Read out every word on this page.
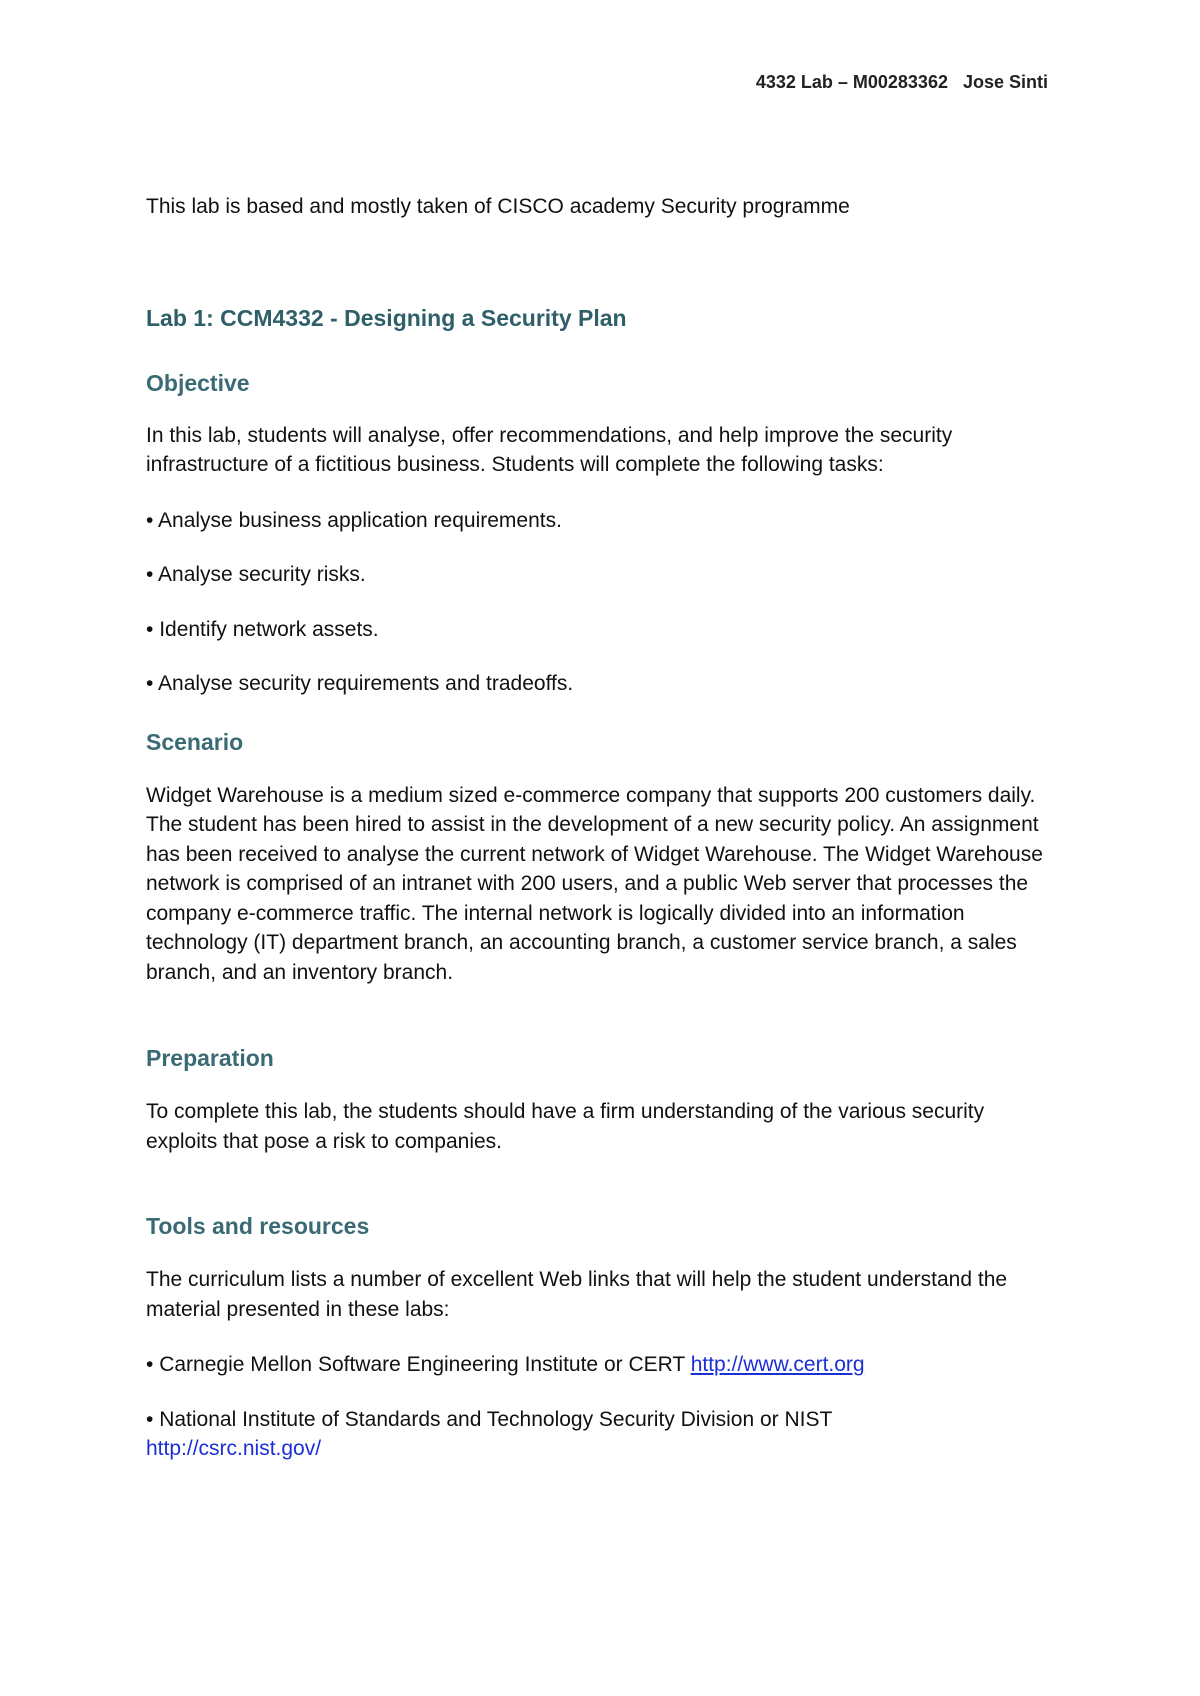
4332 Lab – M00283362   Jose Sinti

This lab is based and mostly taken of CISCO academy Security programme

Lab 1: CCM4332 - Designing a Security Plan
Objective

In this lab, students will analyse, offer recommendations, and help improve the security infrastructure of a fictitious business. Students will complete the following tasks:

• Analyse business application requirements.

• Analyse security risks.

• Identify network assets.

• Analyse security requirements and tradeoffs.

Scenario

Widget Warehouse is a medium sized e-commerce company that supports 200 customers daily. The student has been hired to assist in the development of a new security policy. An assignment has been received to analyse the current network of Widget Warehouse. The Widget Warehouse network is comprised of an intranet with 200 users, and a public Web server that processes the company e-commerce traffic. The internal network is logically divided into an information technology (IT) department branch, an accounting branch, a customer service branch, a sales branch, and an inventory branch.

Preparation

To complete this lab, the students should have a firm understanding of the various security exploits that pose a risk to companies.

Tools and resources

The curriculum lists a number of excellent Web links that will help the student understand the material presented in these labs:

• Carnegie Mellon Software Engineering Institute or CERT http://www.cert.org

• National Institute of Standards and Technology Security Division or NIST
http://csrc.nist.gov/
